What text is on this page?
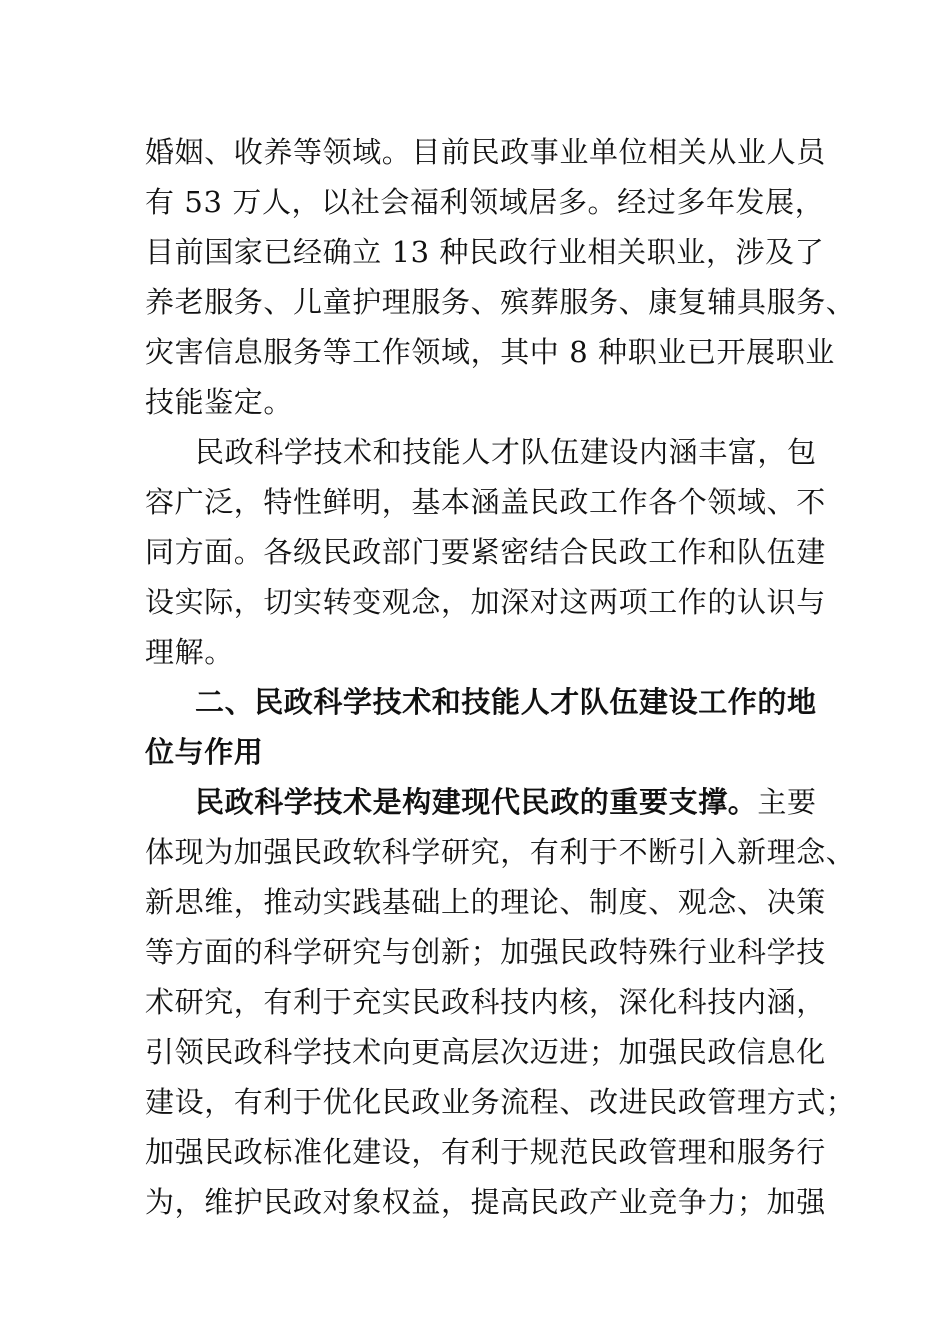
婚姻、收养等领域。目前民政事业单位相关从业人员
有 53 万人，以社会福利领域居多。经过多年发展，
目前国家已经确立 13 种民政行业相关职业，涉及了
养老服务、儿童护理服务、殡葬服务、康复辅具服务、
灾害信息服务等工作领域，其中 8 种职业已开展职业
技能鉴定。
民政科学技术和技能人才队伍建设内涵丰富，包
容广泛，特性鲜明，基本涵盖民政工作各个领域、不
同方面。各级民政部门要紧密结合民政工作和队伍建
设实际，切实转变观念，加深对这两项工作的认识与
理解。
二、民政科学技术和技能人才队伍建设工作的地
位与作用
民政科学技术是构建现代民政的重要支撑。主要
体现为加强民政软科学研究，有利于不断引入新理念、
新思维，推动实践基础上的理论、制度、观念、决策
等方面的科学研究与创新；加强民政特殊行业科学技
术研究，有利于充实民政科技内核，深化科技内涵，
引领民政科学技术向更高层次迈进；加强民政信息化
建设，有利于优化民政业务流程、改进民政管理方式；
加强民政标准化建设，有利于规范民政管理和服务行
为，维护民政对象权益，提高民政产业竞争力；加强
